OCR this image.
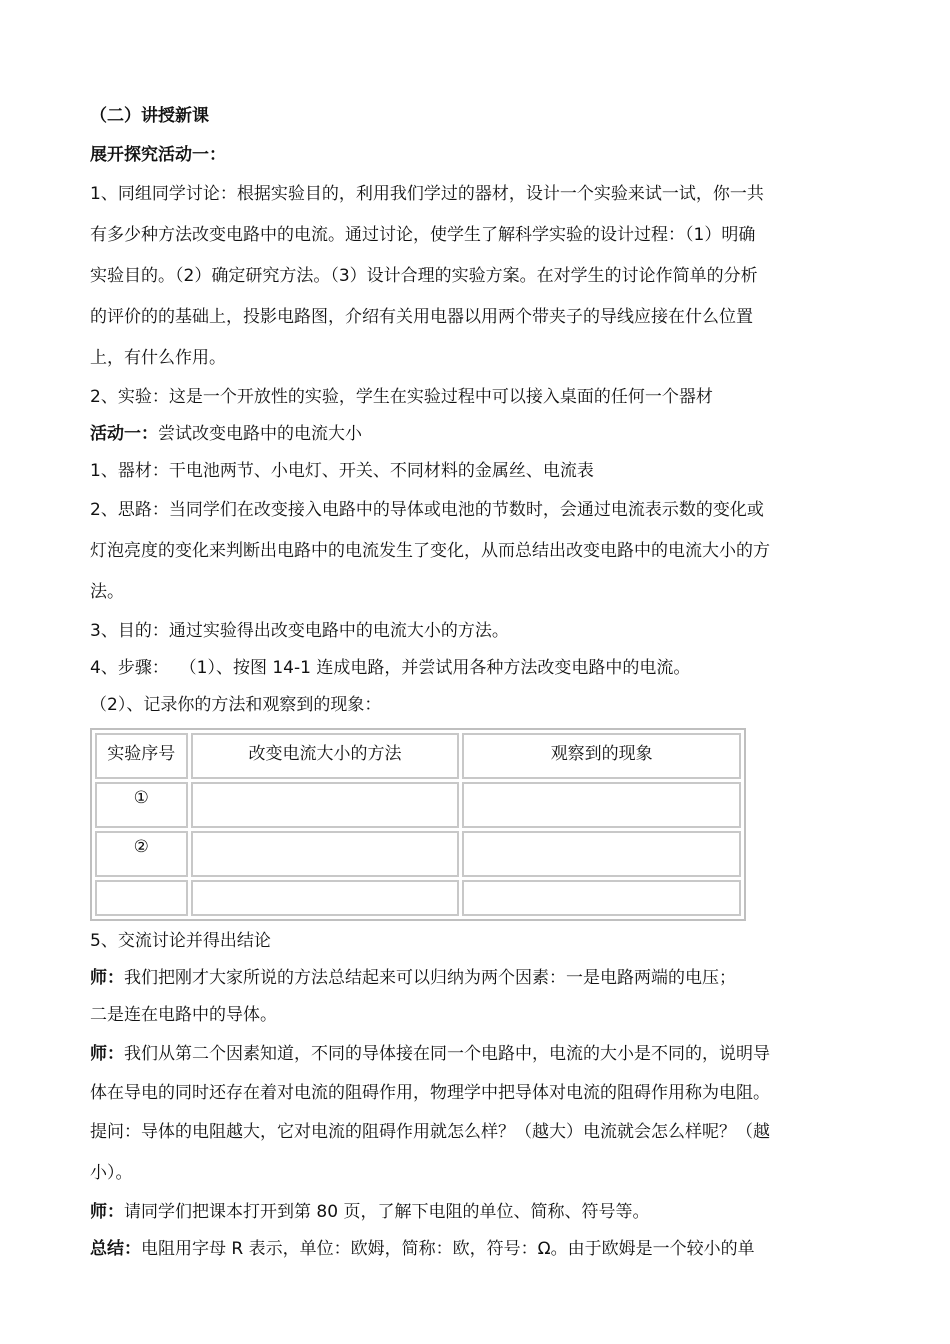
（二）讲授新课

展开探究活动一：

1、同组同学讨论：根据实验目的，利用我们学过的器材，设计一个实验来试一试，你一共

有多少种方法改变电路中的电流。通过讨论，使学生了解科学实验的设计过程：（1）明确

实验目的。（2）确定研究方法。（3）设计合理的实验方案。在对学生的讨论作简单的分析

的评价的的基础上，投影电路图，介绍有关用电器以用两个带夹子的导线应接在什么位置

上，有什么作用。

2、实验：这是一个开放性的实验，学生在实验过程中可以接入桌面的任何一个器材

活动一：尝试改变电路中的电流大小

1、器材：干电池两节、小电灯、开关、不同材料的金属丝、电流表

2、思路：当同学们在改变接入电路中的导体或电池的节数时，会通过电流表示数的变化或

灯泡亮度的变化来判断出电路中的电流发生了变化，从而总结出改变电路中的电流大小的方

法。

3、目的：通过实验得出改变电路中的电流大小的方法。

4、步骤：  （1）、按图 14-1 连成电路，并尝试用各种方法改变电路中的电流。

（2）、记录你的方法和观察到的现象：

实验序号	改变电流大小的方法	观察到的现象
①		
②		

5、交流讨论并得出结论

师：我们把刚才大家所说的方法总结起来可以归纳为两个因素：一是电路两端的电压；

二是连在电路中的导体。

师：我们从第二个因素知道，不同的导体接在同一个电路中，电流的大小是不同的，说明导

体在导电的同时还存在着对电流的阻碍作用，物理学中把导体对电流的阻碍作用称为电阻。

提问：导体的电阻越大，它对电流的阻碍作用就怎么样？（越大）电流就会怎么样呢？（越

小）。

师：请同学们把课本打开到第 80 页，了解下电阻的单位、简称、符号等。

总结：电阻用字母 R 表示，单位：欧姆，简称：欧，符号：Ω。由于欧姆是一个较小的单
